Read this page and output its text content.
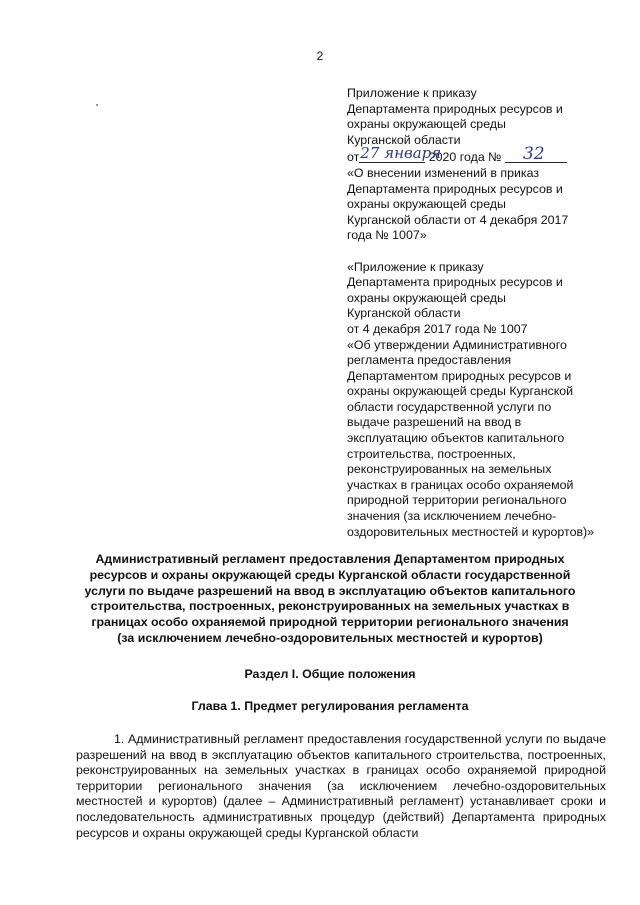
2
Приложение к приказу
Департамента природных ресурсов и
охраны окружающей среды
Курганской области
от 27 января
2020 года № 32
«О внесении изменений в приказ
Департамента природных ресурсов и
охраны окружающей среды
Курганской области от 4 декабря 2017
года № 1007»
«Приложение к приказу
Департамента природных ресурсов и
охраны окружающей среды
Курганской области
от 4 декабря 2017 года № 1007
«Об утверждении Административного
регламента предоставления
Департаментом природных ресурсов и
охраны окружающей среды Курганской
области государственной услуги по
выдаче разрешений на ввод в
эксплуатацию объектов капитального
строительства, построенных,
реконструированных на земельных
участках в границах особо охраняемой
природной территории регионального
значения (за исключением лечебно-
оздоровительных местностей и курортов)»
Административный регламент предоставления Департаментом природных
ресурсов и охраны окружающей среды Курганской области государственной
услуги по выдаче разрешений на ввод в эксплуатацию объектов капитального
строительства, построенных, реконструированных на земельных участках в
границах особо охраняемой природной территории регионального значения
(за исключением лечебно-оздоровительных местностей и курортов)
Раздел I. Общие положения
Глава 1. Предмет регулирования регламента
1. Административный регламент предоставления государственной услуги по выдаче разрешений на ввод в эксплуатацию объектов капитального строительства, построенных, реконструированных на земельных участках в границах особо охраняемой природной территории регионального значения (за исключением лечебно-оздоровительных местностей и курортов) (далее – Административный регламент) устанавливает сроки и последовательность административных процедур (действий) Департамента природных ресурсов и охраны окружающей среды Курганской области
